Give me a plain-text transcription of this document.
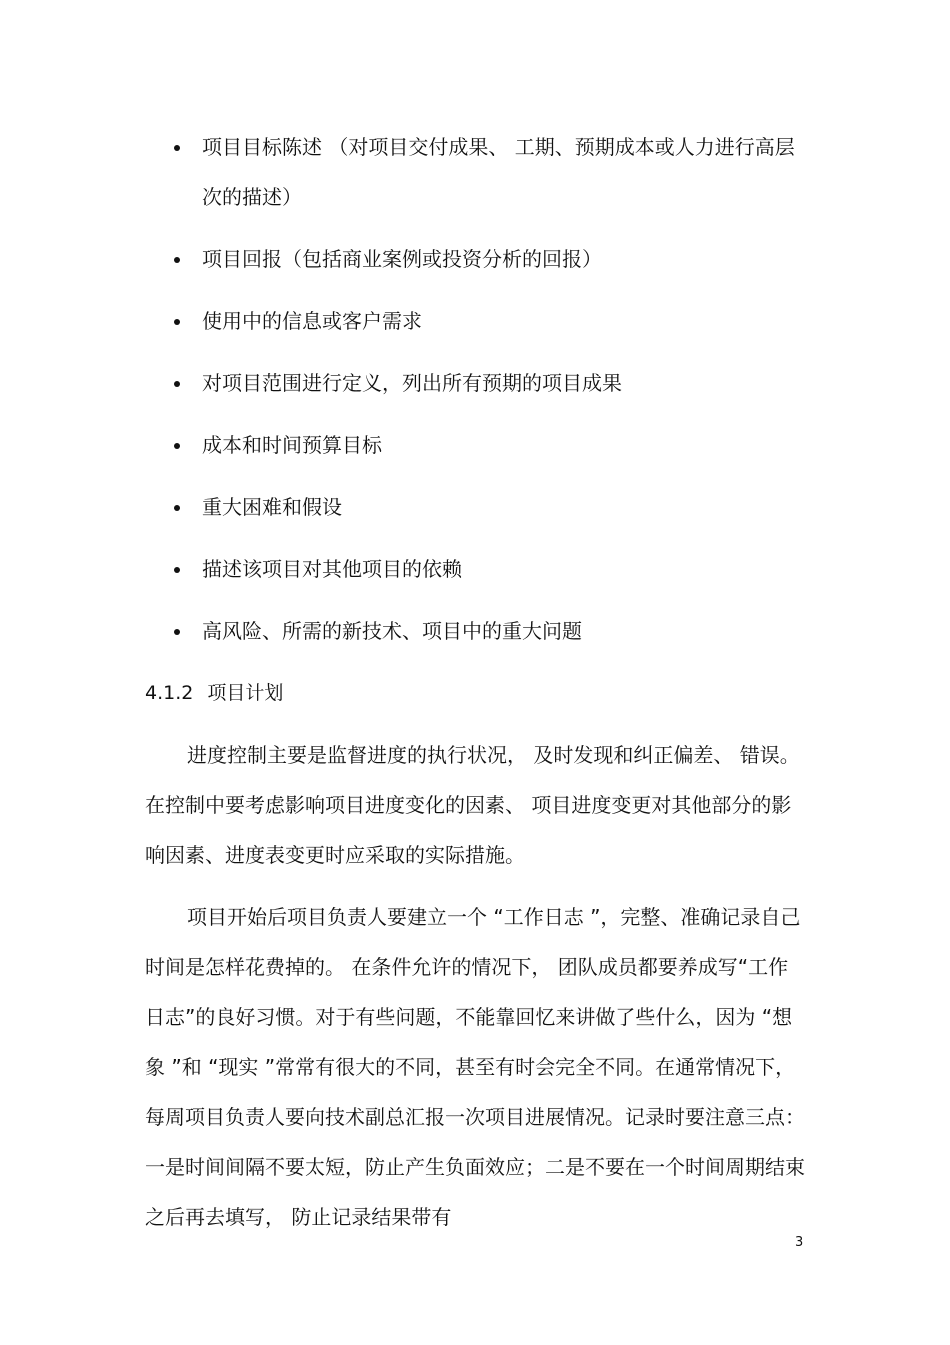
项目目标陈述 （对项目交付成果、 工期、预期成本或人力进行高层次的描述）
项目回报（包括商业案例或投资分析的回报）
使用中的信息或客户需求
对项目范围进行定义，列出所有预期的项目成果
成本和时间预算目标
重大困难和假设
描述该项目对其他项目的依赖
高风险、所需的新技术、项目中的重大问题
4.1.2 项目计划

进度控制主要是监督进度的执行状况， 及时发现和纠正偏差、 错误。在控制中要考虑影响项目进度变化的因素、 项目进度变更对其他部分的影响因素、进度表变更时应采取的实际措施。

项目开始后项目负责人要建立一个 “工作日志 ”，完整、准确记录自己时间是怎样花费掉的。 在条件允许的情况下， 团队成员都要养成写“工作日志”的良好习惯。对于有些问题，不能靠回忆来讲做了些什么，因为 “想象 ”和 “现实 ”常常有很大的不同，甚至有时会完全不同。在通常情况下， 每周项目负责人要向技术副总汇报一次项目进展情况。记录时要注意三点：一是时间间隔不要太短，防止产生负面效应；二是不要在一个时间周期结束之后再去填写， 防止记录结果带有

3
